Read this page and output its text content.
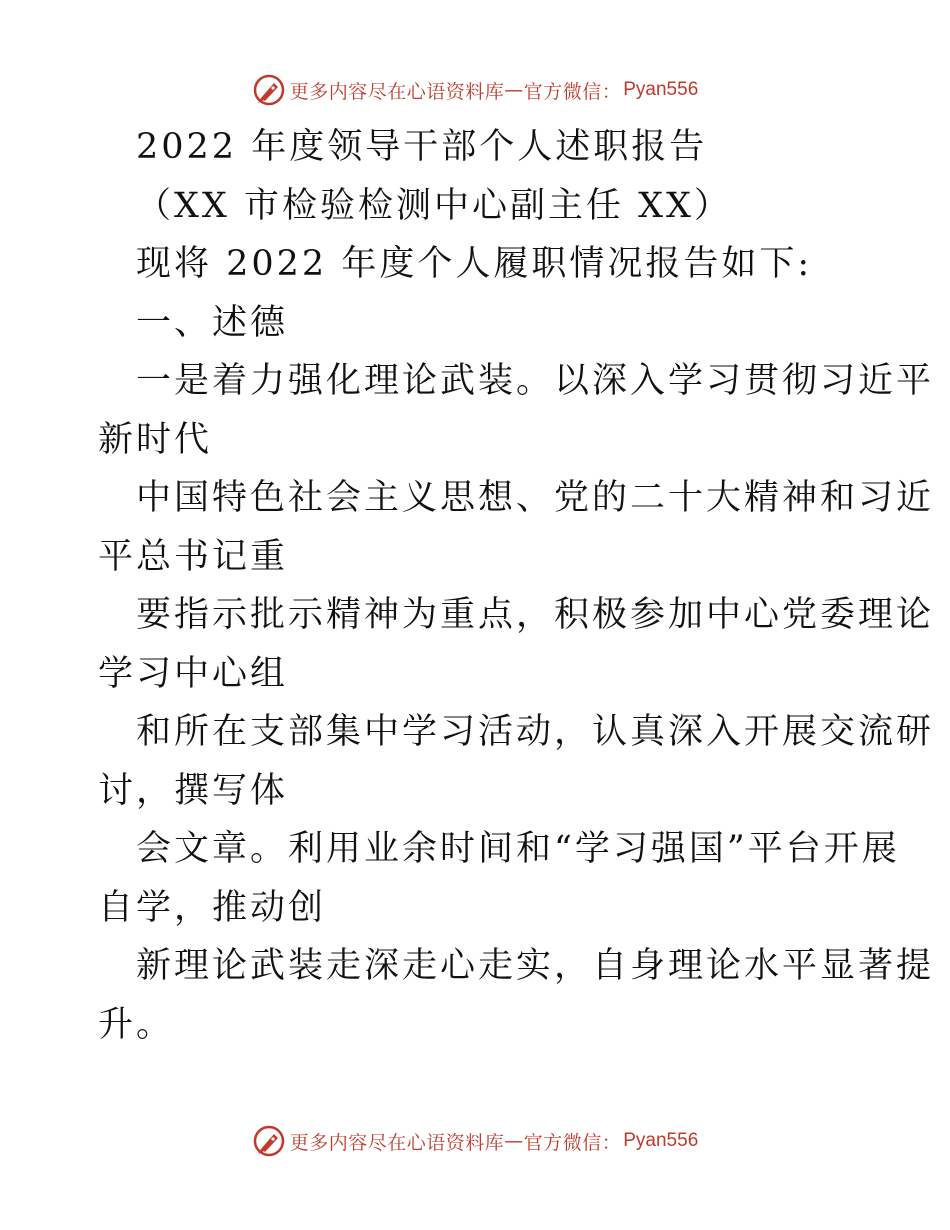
更多内容尽在心语资料库 — 官方微信： Pyan556
2022 年度领导干部个人述职报告
（XX 市检验检测中心副主任 XX）
现将 2022 年度个人履职情况报告如下:
一、述德
一是着力强化理论武装。以深入学习贯彻习近平
新时代
中国特色社会主义思想、党的二十大精神和习近
平总书记重
要指示批示精神为重点，积极参加中心党委理论
学习中心组
和所在支部集中学习活动，认真深入开展交流研
讨，撰写体
会文章。利用业余时间和“学习强国”平台开展
自学，推动创
新理论武装走深走心走实，自身理论水平显著提
升。
更多内容尽在心语资料库 — 官方微信： Pyan556
